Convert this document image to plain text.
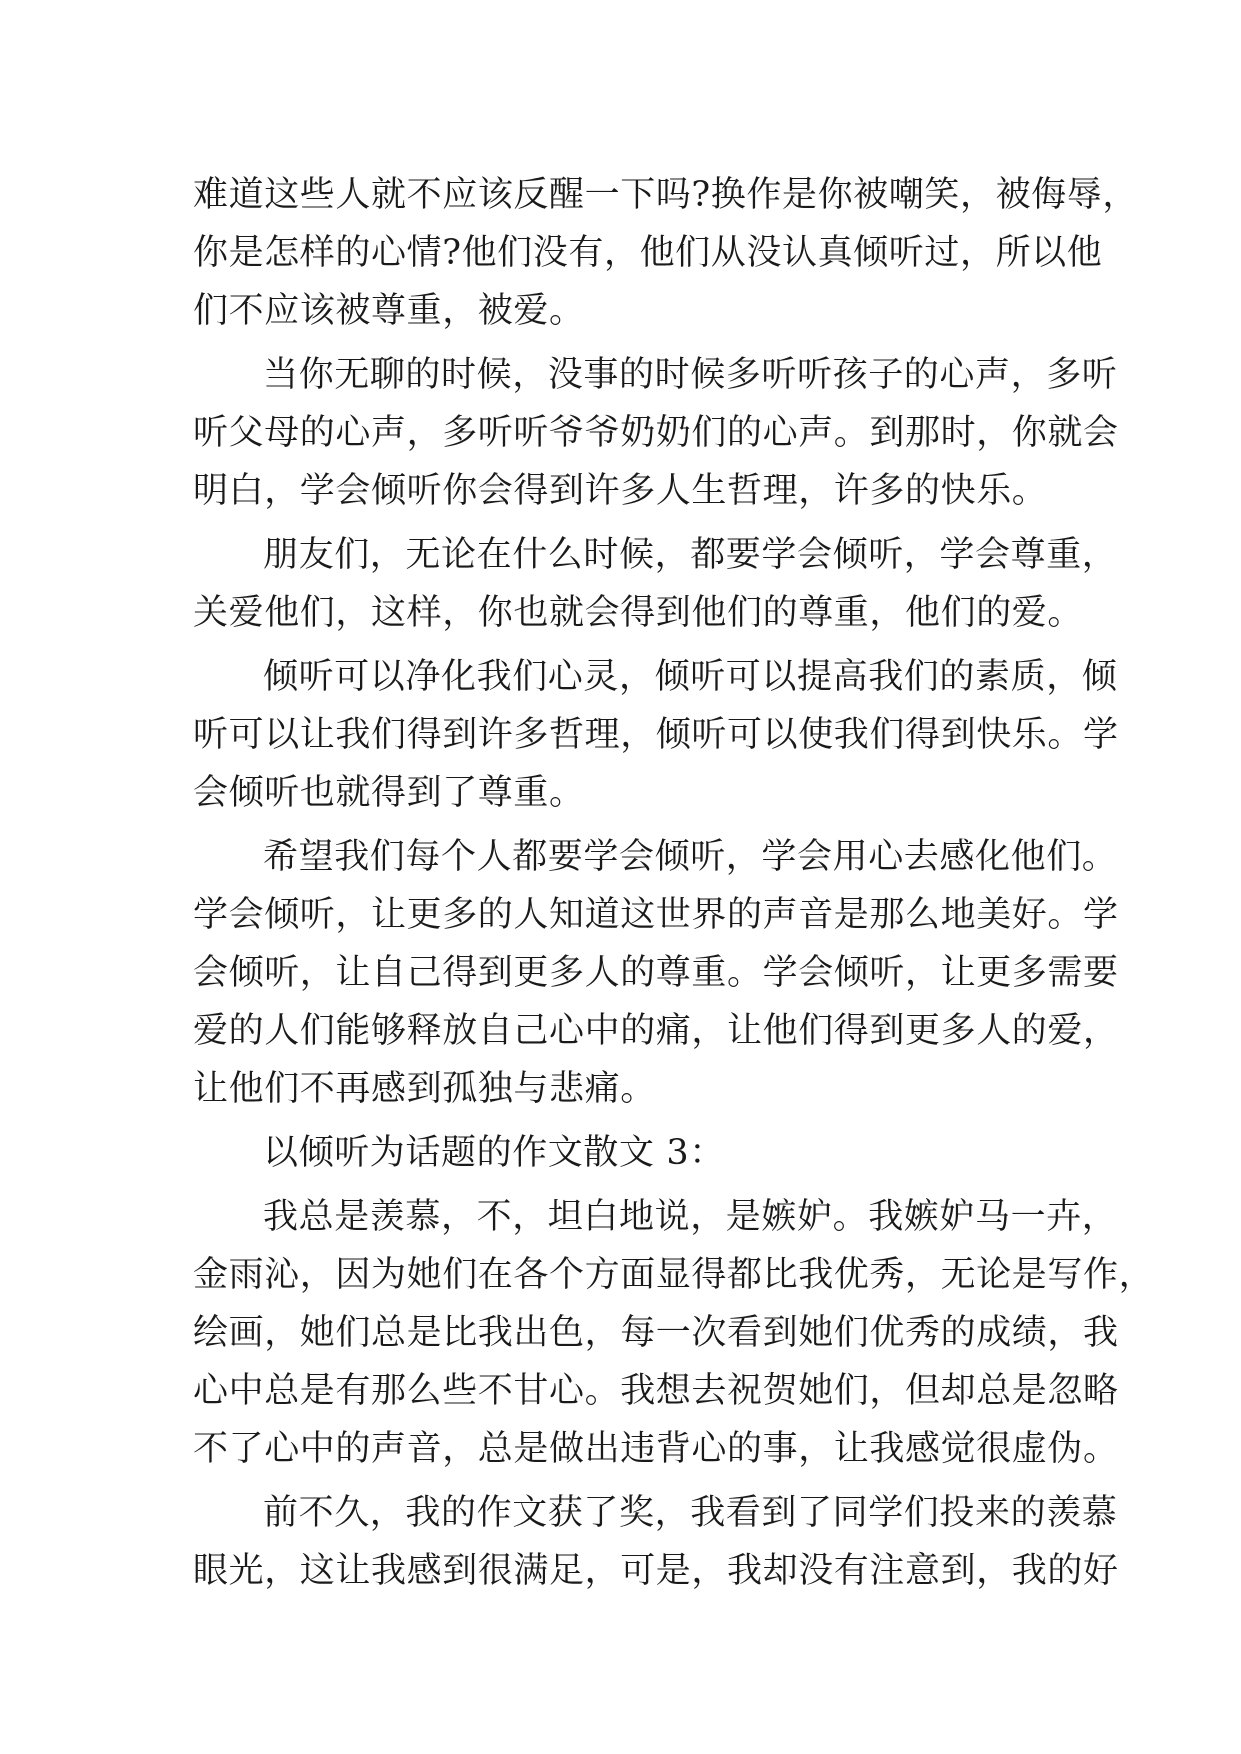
难道这些人就不应该反醒一下吗?换作是你被嘲笑，被侮辱，
你是怎样的心情?他们没有，他们从没认真倾听过，所以他
们不应该被尊重，被爱。
当你无聊的时候，没事的时候多听听孩子的心声，多听
听父母的心声，多听听爷爷奶奶们的心声。到那时，你就会
明白，学会倾听你会得到许多人生哲理，许多的快乐。
朋友们，无论在什么时候，都要学会倾听，学会尊重，
关爱他们，这样，你也就会得到他们的尊重，他们的爱。
倾听可以净化我们心灵，倾听可以提高我们的素质，倾
听可以让我们得到许多哲理，倾听可以使我们得到快乐。学
会倾听也就得到了尊重。
希望我们每个人都要学会倾听，学会用心去感化他们。
学会倾听，让更多的人知道这世界的声音是那么地美好。学
会倾听，让自己得到更多人的尊重。学会倾听，让更多需要
爱的人们能够释放自己心中的痛，让他们得到更多人的爱，
让他们不再感到孤独与悲痛。
以倾听为话题的作文散文 3：
我总是羡慕，不，坦白地说，是嫉妒。我嫉妒马一卉，
金雨沁，因为她们在各个方面显得都比我优秀，无论是写作，
绘画，她们总是比我出色，每一次看到她们优秀的成绩，我
心中总是有那么些不甘心。我想去祝贺她们，但却总是忽略
不了心中的声音，总是做出违背心的事，让我感觉很虚伪。
前不久，我的作文获了奖，我看到了同学们投来的羡慕
眼光，这让我感到很满足，可是，我却没有注意到，我的好
